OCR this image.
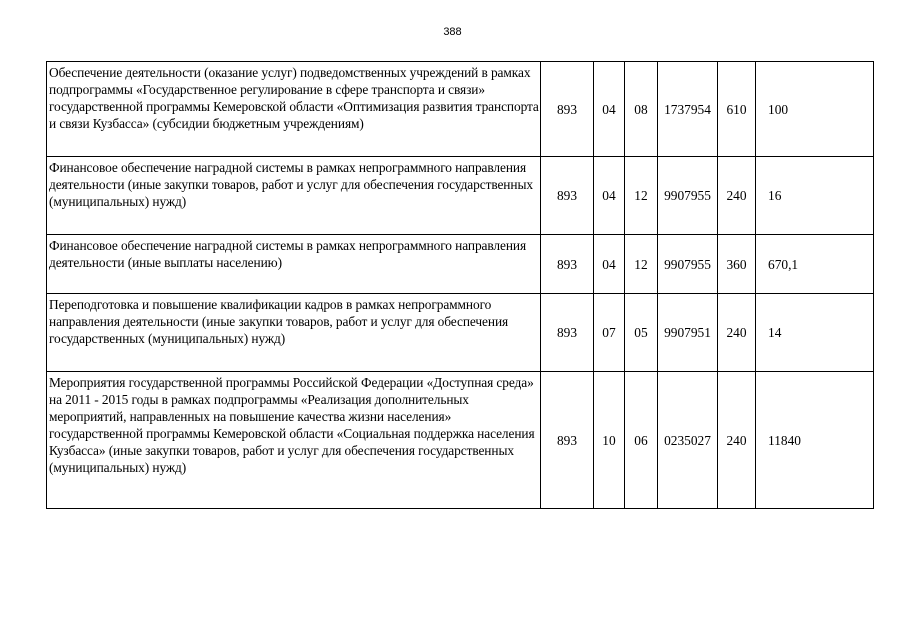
388
Обеспечение деятельности (оказание услуг) подведомственных учреждений в рамках подпрограммы «Государственное регулирование в сфере транспорта и связи» государственной программы Кемеровской области «Оптимизация развития транспорта и связи Кузбасса» (субсидии бюджетным учреждениям)	893	04	08	1737954	610	100
Финансовое обеспечение наградной системы в рамках непрограммного направления деятельности (иные закупки товаров, работ и услуг для обеспечения государственных (муниципальных) нужд)	893	04	12	9907955	240	16
Финансовое обеспечение наградной системы в рамках непрограммного направления деятельности (иные выплаты населению)	893	04	12	9907955	360	670,1
Переподготовка и повышение квалификации кадров в рамках непрограммного направления деятельности (иные закупки товаров, работ и услуг для обеспечения государственных (муниципальных) нужд)	893	07	05	9907951	240	14
Мероприятия государственной программы Российской Федерации «Доступная среда» на 2011 - 2015 годы в рамках подпрограммы «Реализация дополнительных мероприятий, направленных на повышение качества жизни населения» государственной программы Кемеровской области «Социальная поддержка населения Кузбасса» (иные закупки товаров, работ и услуг для обеспечения государственных (муниципальных) нужд)	893	10	06	0235027	240	11840
